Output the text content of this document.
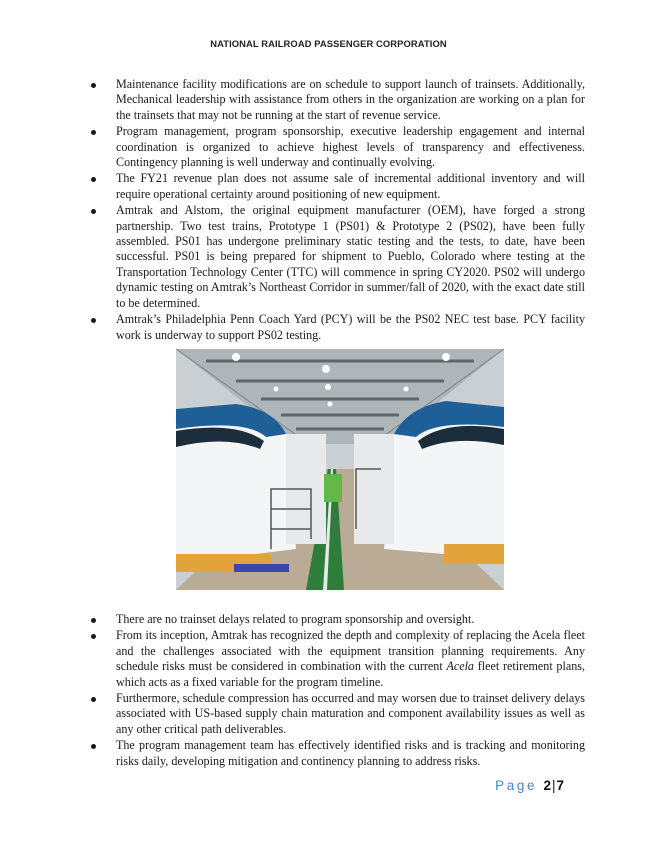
NATIONAL RAILROAD PASSENGER CORPORATION
Maintenance facility modifications are on schedule to support launch of trainsets. Additionally, Mechanical leadership with assistance from others in the organization are working on a plan for the trainsets that may not be running at the start of revenue service.
Program management, program sponsorship, executive leadership engagement and internal coordination is organized to achieve highest levels of transparency and effectiveness. Contingency planning is well underway and continually evolving.
The FY21 revenue plan does not assume sale of incremental additional inventory and will require operational certainty around positioning of new equipment.
Amtrak and Alstom, the original equipment manufacturer (OEM), have forged a strong partnership. Two test trains, Prototype 1 (PS01) & Prototype 2 (PS02), have been fully assembled. PS01 has undergone preliminary static testing and the tests, to date, have been successful. PS01 is being prepared for shipment to Pueblo, Colorado where testing at the Transportation Technology Center (TTC) will commence in spring CY2020. PS02 will undergo dynamic testing on Amtrak’s Northeast Corridor in summer/fall of 2020, with the exact date still to be determined.
Amtrak’s Philadelphia Penn Coach Yard (PCY) will be the PS02 NEC test base. PCY facility work is underway to support PS02 testing.
There are no trainset delays related to program sponsorship and oversight.
From its inception, Amtrak has recognized the depth and complexity of replacing the Acela fleet and the challenges associated with the equipment transition planning requirements. Any schedule risks must be considered in combination with the current Acela fleet retirement plans, which acts as a fixed variable for the program timeline.
Furthermore, schedule compression has occurred and may worsen due to trainset delivery delays associated with US-based supply chain maturation and component availability issues as well as any other critical path deliverables.
The program management team has effectively identified risks and is tracking and monitoring risks daily, developing mitigation and continency planning to address risks.
Page 2|7
